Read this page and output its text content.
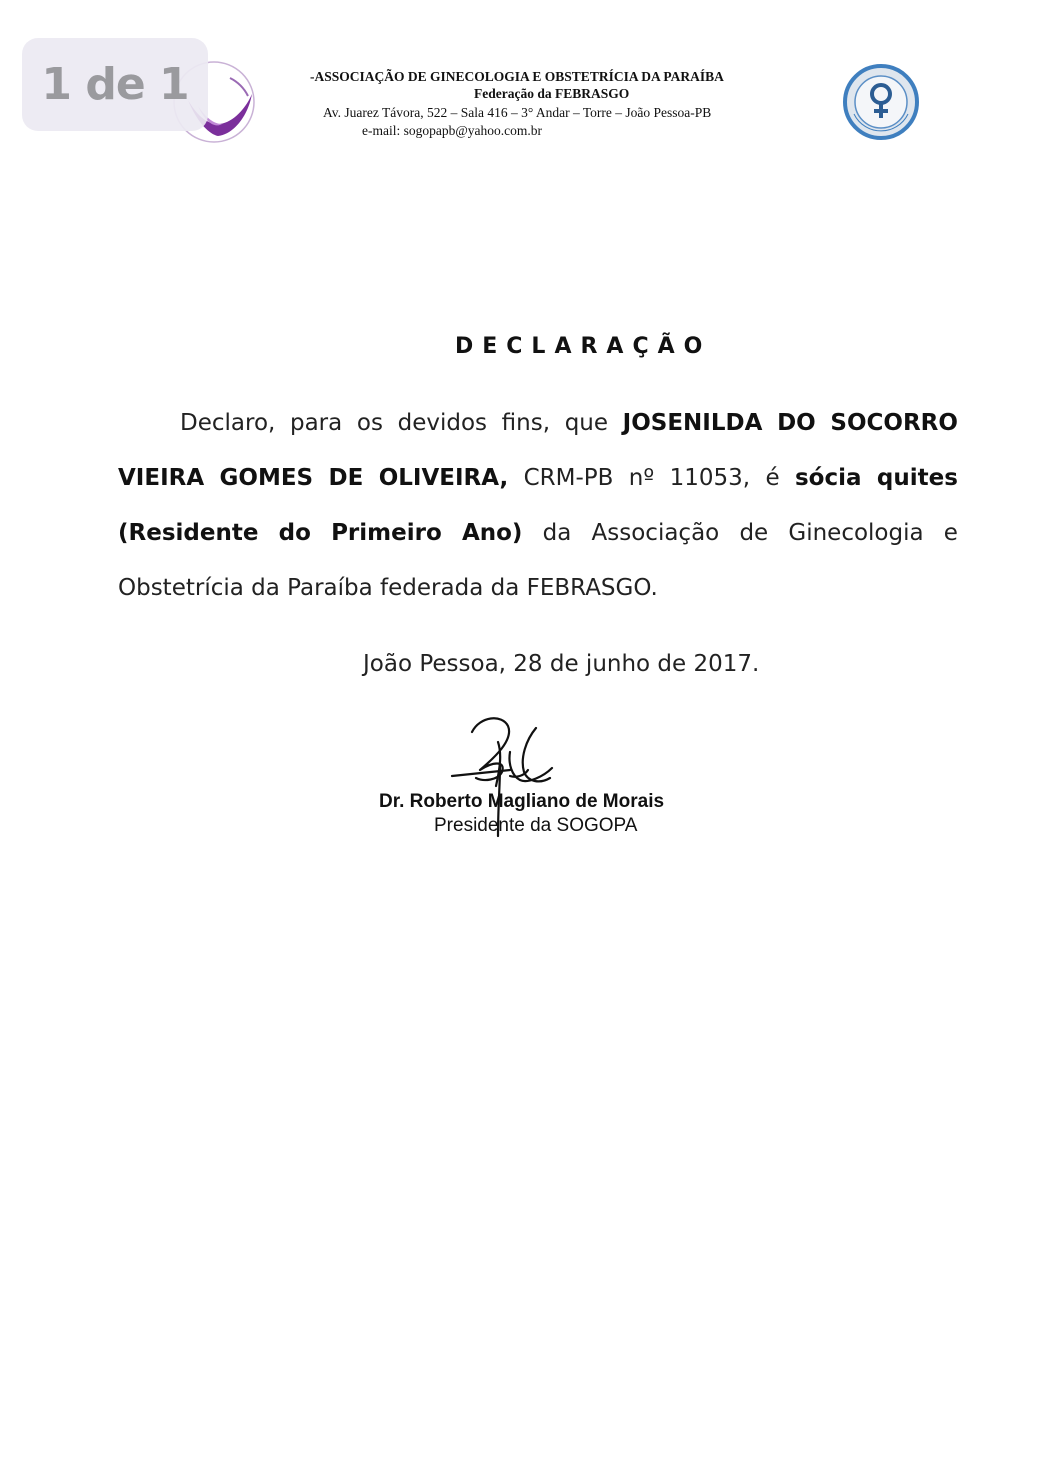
1 de 1	-ASSOCIAÇÃO DE GINECOLOGIA E OBSTETRÍCIA DA PARAÍBA
Federação da FEBRASGO
Av. Juarez Távora, 522 – Sala 416 – 3° Andar – Torre – João Pessoa-PB
e-mail: sogopapb@yahoo.com.br
DECLARAÇÃO
Declaro, para os devidos fins, que JOSENILDA DO SOCORRO
VIEIRA GOMES DE OLIVEIRA, CRM-PB nº 11053, é sócia quites
(Residente do Primeiro Ano) da Associação de Ginecologia e
Obstetrícia da Paraíba federada da FEBRASGO.
João Pessoa, 28 de junho de 2017.
Dr. Roberto Magliano de Morais
Presidente da SOGOPA
